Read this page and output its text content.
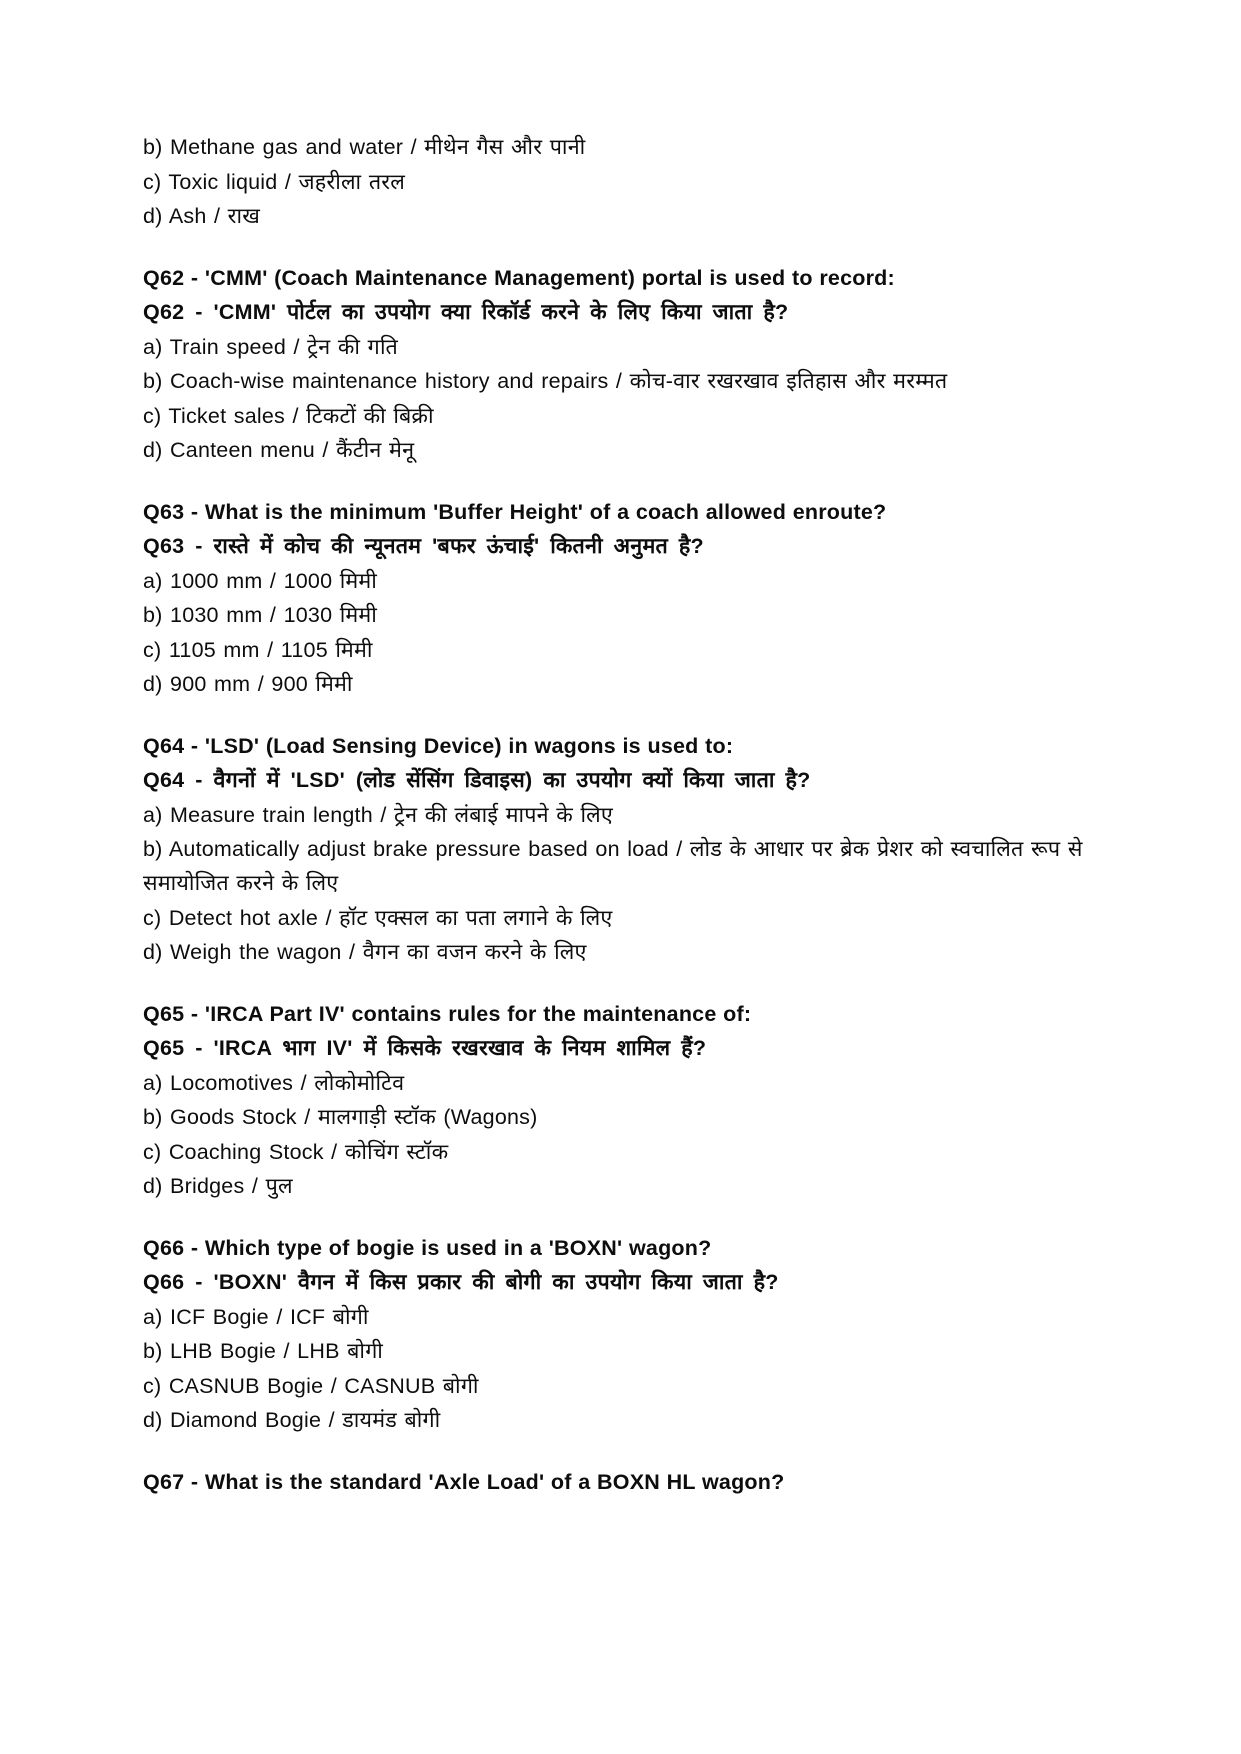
b) Methane gas and water / मीथेन गैस और पानी

c) Toxic liquid / जहरीला तरल

d) Ash / राख

Q62 - 'CMM' (Coach Maintenance Management) portal is used to record:

Q62 - 'CMM' पोर्टल का उपयोग क्या रिकॉर्ड करने के लिए किया जाता है?

a) Train speed / ट्रेन की गति

b) Coach-wise maintenance history and repairs / कोच-वार रखरखाव इतिहास और मरम्मत

c) Ticket sales / टिकटों की बिक्री

d) Canteen menu / कैंटीन मेनू

Q63 - What is the minimum 'Buffer Height' of a coach allowed enroute?

Q63 - रास्ते में कोच की न्यूनतम 'बफर ऊंचाई' कितनी अनुमत है?

a) 1000 mm / 1000 मिमी

b) 1030 mm / 1030 मिमी

c) 1105 mm / 1105 मिमी

d) 900 mm / 900 मिमी

Q64 - 'LSD' (Load Sensing Device) in wagons is used to:

Q64 - वैगनों में 'LSD' (लोड सेंसिंग डिवाइस) का उपयोग क्यों किया जाता है?

a) Measure train length / ट्रेन की लंबाई मापने के लिए

b) Automatically adjust brake pressure based on load / लोड के आधार पर ब्रेक प्रेशर को स्वचालित रूप से समायोजित करने के लिए

c) Detect hot axle / हॉट एक्सल का पता लगाने के लिए

d) Weigh the wagon / वैगन का वजन करने के लिए

Q65 - 'IRCA Part IV' contains rules for the maintenance of:

Q65 - 'IRCA भाग IV' में किसके रखरखाव के नियम शामिल हैं?

a) Locomotives / लोकोमोटिव

b) Goods Stock / मालगाड़ी स्टॉक (Wagons)

c) Coaching Stock / कोचिंग स्टॉक

d) Bridges / पुल

Q66 - Which type of bogie is used in a 'BOXN' wagon?

Q66 - 'BOXN' वैगन में किस प्रकार की बोगी का उपयोग किया जाता है?

a) ICF Bogie / ICF बोगी

b) LHB Bogie / LHB बोगी

c) CASNUB Bogie / CASNUB बोगी

d) Diamond Bogie / डायमंड बोगी

Q67 - What is the standard 'Axle Load' of a BOXN HL wagon?
